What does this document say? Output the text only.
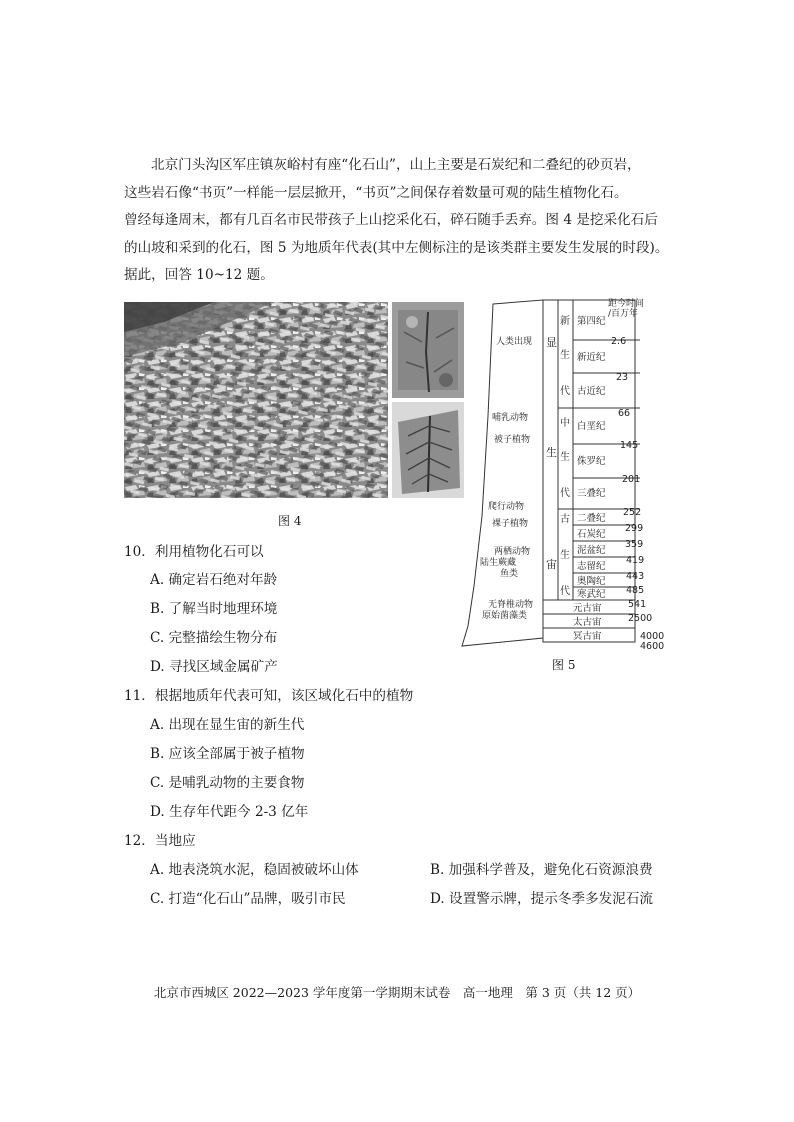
北京门头沟区军庄镇灰峪村有座“化石山”，山上主要是石炭纪和二叠纪的砂页岩，
这些岩石像“书页”一样能一层层掀开，“书页”之间保存着数量可观的陆生植物化石。
曾经每逢周末，都有几百名市民带孩子上山挖采化石，碎石随手丢弃。图 4 是挖采化石后
的山坡和采到的化石，图 5 为地质年代表(其中左侧标注的是该类群主要发生发展的时段)。
据此，回答 10~12 题。
图 4
距今时间
/百万年
显
生
宙
新
生
代
中
生
代
古
生
代
第四纪
新近纪
古近纪
白垩纪
侏罗纪
三叠纪
二叠纪
石炭纪
泥盆纪
志留纪
奥陶纪
寒武纪
元古宙
太古宙
冥古宙
2.6
23
66
145
201
252
299
359
419
443
485
541
2500
4000
4600
人类出现
哺乳动物
被子植物
爬行动物
裸子植物
两栖动物
陆生蕨藏
鱼类
无脊椎动物
原始菌藻类
图 5
10．利用植物化石可以
A. 确定岩石绝对年龄
B. 了解当时地理环境
C. 完整描绘生物分布
D. 寻找区域金属矿产
11．根据地质年代表可知，该区域化石中的植物
A. 出现在显生宙的新生代
B. 应该全部属于被子植物
C. 是哺乳动物的主要食物
D. 生存年代距今 2-3 亿年
12．当地应
A. 地表浇筑水泥，稳固被破坏山体	B. 加强科学普及，避免化石资源浪费
C. 打造“化石山”品牌，吸引市民	D. 设置警示牌，提示冬季多发泥石流
北京市西城区 2022—2023 学年度第一学期期末试卷　高一地理　第 3 页（共 12 页）
